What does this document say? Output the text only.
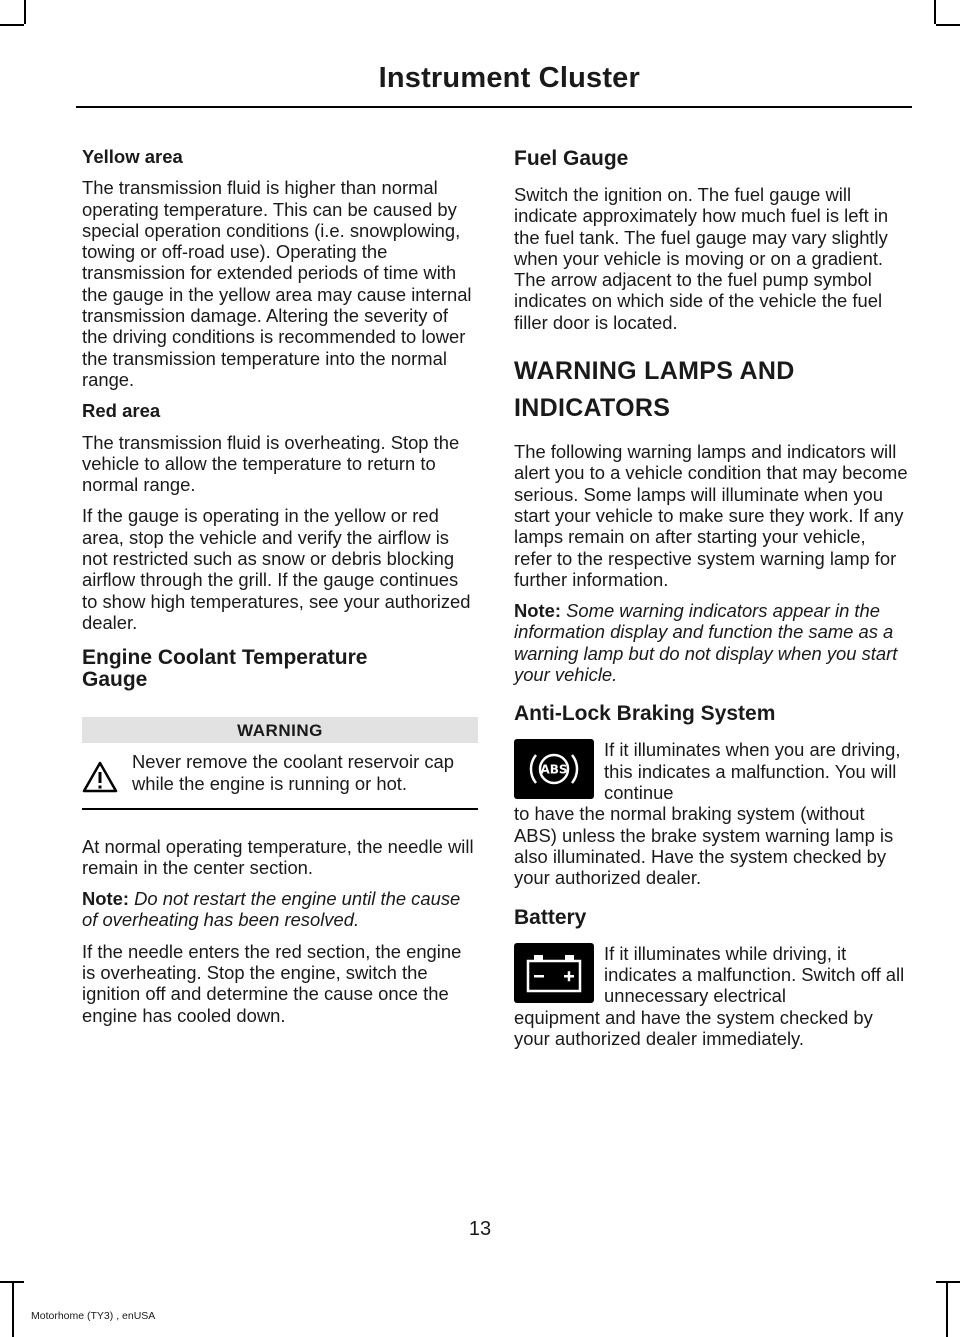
Instrument Cluster
Yellow area

The transmission fluid is higher than normal operating temperature. This can be caused by special operation conditions (i.e. snowplowing, towing or off-road use). Operating the transmission for extended periods of time with the gauge in the yellow area may cause internal transmission damage. Altering the severity of the driving conditions is recommended to lower the transmission temperature into the normal range.

Red area

The transmission fluid is overheating. Stop the vehicle to allow the temperature to return to normal range.

If the gauge is operating in the yellow or red area, stop the vehicle and verify the airflow is not restricted such as snow or debris blocking airflow through the grill. If the gauge continues to show high temperatures, see your authorized dealer.

Engine Coolant Temperature Gauge
WARNING
Never remove the coolant reservoir cap while the engine is running or hot.

At normal operating temperature, the needle will remain in the center section.

Note: Do not restart the engine until the cause of overheating has been resolved.

If the needle enters the red section, the engine is overheating. Stop the engine, switch the ignition off and determine the cause once the engine has cooled down.

Fuel Gauge

Switch the ignition on. The fuel gauge will indicate approximately how much fuel is left in the fuel tank. The fuel gauge may vary slightly when your vehicle is moving or on a gradient. The arrow adjacent to the fuel pump symbol indicates on which side of the vehicle the fuel filler door is located.

WARNING LAMPS AND
INDICATORS

The following warning lamps and indicators will alert you to a vehicle condition that may become serious. Some lamps will illuminate when you start your vehicle to make sure they work. If any lamps remain on after starting your vehicle, refer to the respective system warning lamp for further information.

Note: Some warning indicators appear in the information display and function the same as a warning lamp but do not display when you start your vehicle.

Anti-Lock Braking System
ABS
If it illuminates when you are driving, this indicates a malfunction. You will continue

to have the normal braking system (without ABS) unless the brake system warning lamp is also illuminated. Have the system checked by your authorized dealer.

Battery
If it illuminates while driving, it indicates a malfunction. Switch off all unnecessary electrical

equipment and have the system checked by your authorized dealer immediately.

13
Motorhome (TY3) , enUSA
